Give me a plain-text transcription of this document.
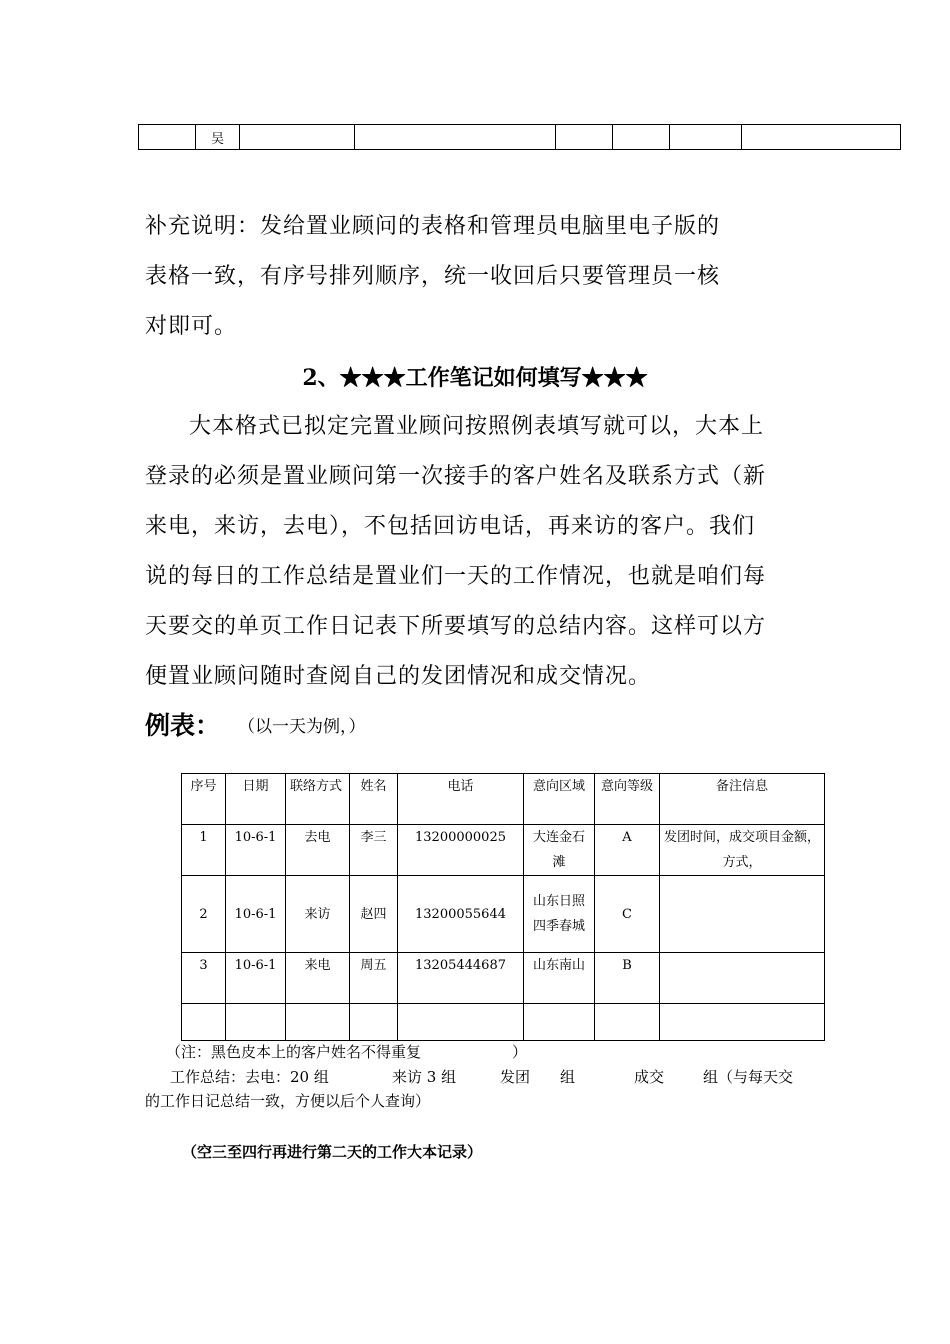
	吴						
补充说明：发给置业顾问的表格和管理员电脑里电子版的
表格一致，有序号排列顺序，统一收回后只要管理员一核
对即可。
2、★★★工作笔记如何填写★★★
大本格式已拟定完置业顾问按照例表填写就可以，大本上
登录的必须是置业顾问第一次接手的客户姓名及联系方式（新
来电，来访，去电），不包括回访电话，再来访的客户。我们
说的每日的工作总结是置业们一天的工作情况，也就是咱们每
天要交的单页工作日记表下所要填写的总结内容。这样可以方
便置业顾问随时查阅自己的发团情况和成交情况。
例表： （以一天为例，）
序号	日期	联络方式	姓名	电话	意向区域	意向等级	备注信息
1	10-6-1	去电	李三	13200000025	大连金石滩	A	发团时间，成交项目金额，方式，
2	10-6-1	来访	赵四	13200055644	山东日照四季春城	C	
3	10-6-1	来电	周五	13205444687	山东南山	B	

（注：黑色皮本上的客户姓名不得重复	）
工作总结：去电：20 组	来访 3 组	发团 组	成交	组（与每天交
的工作日记总结一致，方便以后个人查询）
（空三至四行再进行第二天的工作大本记录）
